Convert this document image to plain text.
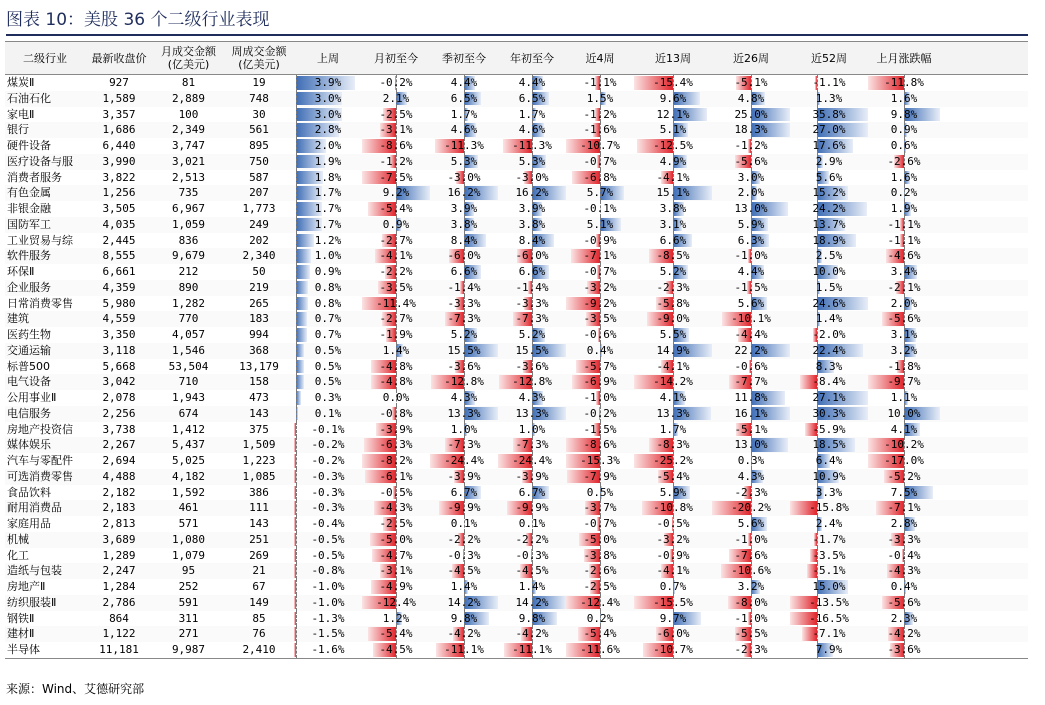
图表 10：美股 36 个二级行业表现
二级行业	最新收盘价	月成交金额
(亿美元)
周成交金额
(亿美元)	上周	月初至今	季初至今	年初至今	近4周	近13周	近26周	近52周	上月涨跌幅
煤炭Ⅱ	927	81	19	3.9%	-0.2%	4.4%	4.4%	-1.1%	-15.4%	-5.1%	-1.1%	-11.8%
石油石化	1,589	2,889	748	3.0%	2.1%	6.5%	6.5%	1.5%	9.6%	4.8%	1.3%	1.6%
家电Ⅱ	3,357	100	30	3.0%	-2.5%	1.7%	1.7%	-1.2%	12.1%	25.0%	35.8%	9.8%
银行	1,686	2,349	561	2.8%	-3.1%	4.6%	4.6%	-1.6%	5.1%	18.3%	27.0%	0.9%
硬件设备	6,440	3,747	895	2.0%	-8.6%	-11.3%	-11.3%	-10.7%	-12.5%	-1.2%	17.6%	0.6%
医疗设备与服	3,990	3,021	750	1.9%	-1.2%	5.3%	5.3%	-0.7%	4.9%	-5.6%	2.9%	-2.6%
消费者服务	3,822	2,513	587	1.8%	-7.5%	-3.0%	-3.0%	-6.8%	-4.1%	3.0%	5.6%	1.6%
有色金属	1,256	735	207	1.7%	9.2%	16.2%	16.2%	5.7%	15.1%	2.0%	15.2%	0.2%
非银金融	3,505	6,967	1,773	1.7%	-5.4%	3.9%	3.9%	-0.1%	3.8%	13.0%	24.2%	1.9%
国防军工	4,035	1,059	249	1.7%	0.9%	3.8%	3.8%	5.1%	3.1%	5.9%	13.7%	-1.1%
工业贸易与综	2,445	836	202	1.2%	-2.7%	8.4%	8.4%	-0.9%	6.6%	6.3%	18.9%	-1.1%
软件服务	8,555	9,679	2,340	1.0%	-4.1%	-6.0%	-6.0%	-7.1%	-8.5%	-1.0%	2.5%	-4.6%
环保Ⅱ	6,661	212	50	0.9%	-2.2%	6.6%	6.6%	-0.7%	5.2%	4.4%	10.0%	3.4%
企业服务	4,359	890	219	0.8%	-3.5%	-1.4%	-1.4%	-3.2%	-2.3%	-1.5%	1.5%	-2.1%
日常消费零售	5,980	1,282	265	0.8%	-11.4%	-3.3%	-3.3%	-9.2%	-5.8%	5.6%	24.6%	2.0%
建筑	4,559	770	183	0.7%	-2.7%	-7.3%	-7.3%	-3.5%	-9.0%	-10.1%	1.4%	-5.6%
医药生物	3,350	4,057	994	0.7%	-1.9%	5.2%	5.2%	-0.6%	5.5%	-4.4%	-2.0%	3.1%
交通运输	3,118	1,546	368	0.5%	1.4%	15.5%	15.5%	0.4%	14.9%	22.2%	22.4%	3.2%
标普500	5,668	53,504	13,179	0.5%	-4.8%	-3.6%	-3.6%	-5.7%	-4.1%	-0.6%	8.3%	-1.8%
电气设备	3,042	710	158	0.5%	-4.8%	-12.8%	-12.8%	-6.9%	-14.2%	-7.7%	-8.4%	-9.7%
公用事业Ⅱ	2,078	1,943	473	0.3%	0.0%	4.3%	4.3%	-1.0%	4.1%	11.8%	27.1%	1.1%
电信服务	2,256	674	143	0.1%	-0.8%	13.3%	13.3%	-0.2%	13.3%	16.1%	30.3%	10.0%
房地产投资信	3,738	1,412	375	-0.1%	-3.9%	1.0%	1.0%	-1.5%	1.7%	-5.1%	-5.9%	4.1%
媒体娱乐	2,267	5,437	1,509	-0.2%	-6.3%	-7.3%	-7.3%	-8.6%	-8.3%	13.0%	18.5%	-10.2%
汽车与零配件	2,694	5,025	1,223	-0.2%	-8.2%	-24.4%	-24.4%	-15.3%	-25.2%	0.3%	6.4%	-17.0%
可选消费零售	4,488	4,182	1,085	-0.3%	-6.1%	-3.9%	-3.9%	-7.9%	-5.4%	4.3%	10.9%	-5.2%
食品饮料	2,182	1,592	386	-0.3%	-0.5%	6.7%	6.7%	0.5%	5.9%	-2.3%	3.3%	7.5%
耐用消费品	2,183	461	111	-0.3%	-4.3%	-9.9%	-9.9%	-3.7%	-10.8%	-20.2%	-15.8%	-7.1%
家庭用品	2,813	571	143	-0.4%	-2.5%	0.1%	0.1%	-0.7%	-0.5%	5.6%	2.4%	2.8%
机械	3,689	1,080	251	-0.5%	-5.0%	-2.2%	-2.2%	-5.0%	-3.2%	-1.0%	-1.7%	-3.3%
化工	1,289	1,079	269	-0.5%	-4.7%	-0.3%	-0.3%	-3.8%	-0.9%	-7.6%	-3.5%	-0.4%
造纸与包装	2,247	95	21	-0.8%	-3.1%	-4.5%	-4.5%	-2.6%	-4.1%	-10.6%	-5.1%	-4.3%
房地产Ⅱ	1,284	252	67	-1.0%	-4.9%	1.4%	1.4%	-2.5%	0.7%	3.2%	15.0%	0.4%
纺织服装Ⅱ	2,786	591	149	-1.0%	-12.4%	14.2%	14.2%	-12.4%	-15.5%	-8.0%	-13.5%	-5.6%
钢铁Ⅱ	864	311	85	-1.3%	1.2%	9.8%	9.8%	0.2%	9.7%	-1.0%	-16.5%	2.3%
建材Ⅱ	1,122	271	76	-1.5%	-5.4%	-4.2%	-4.2%	-5.4%	-6.0%	-5.5%	-7.1%	-4.2%
半导体	11,181	9,987	2,410	-1.6%	-4.5%	-11.1%	-11.1%	-11.6%	-10.7%	-2.3%	7.9%	-3.6%
来源：Wind、艾德研究部
